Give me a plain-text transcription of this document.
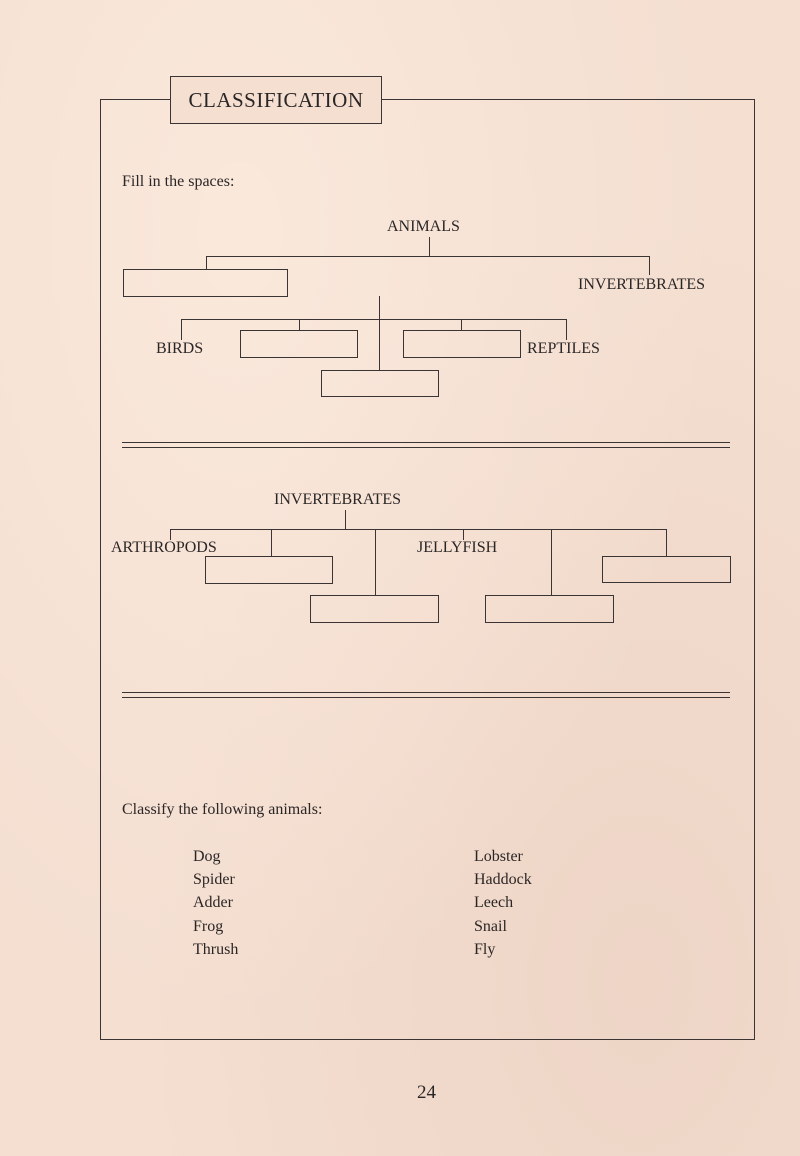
CLASSIFICATION
Fill in the spaces:
ANIMALS
INVERTEBRATES
BIRDS	REPTILES
INVERTEBRATES
ARTHROPODS	JELLYFISH
Classify the following animals:
Dog
Spider
Adder
Frog
Thrush
Lobster
Haddock
Leech
Snail
Fly
24
